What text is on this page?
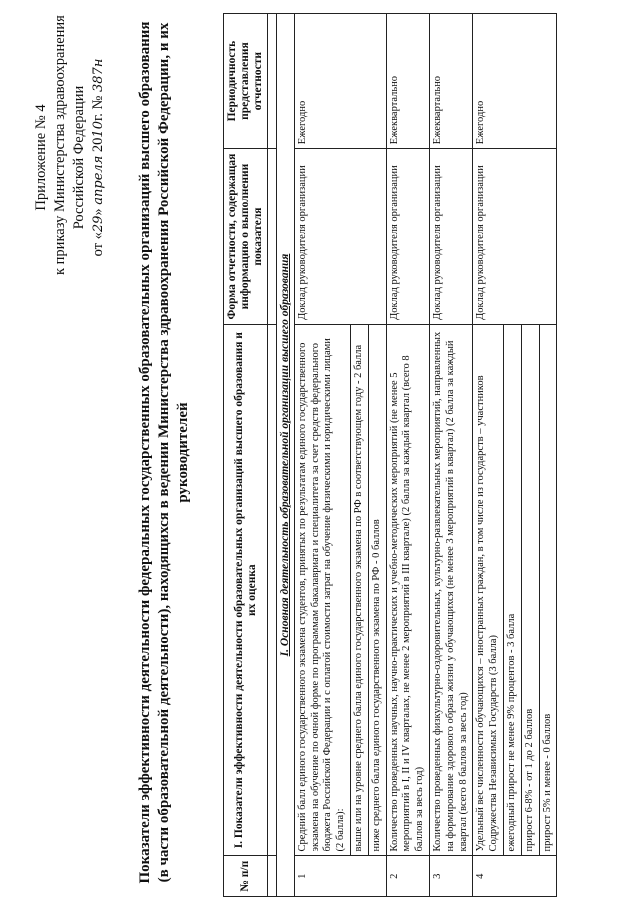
Приложение № 4 к приказу Министерства здравоохранения Российской Федерации
от «29» апреля 2010г. № 387н Показатели эффективности деятельности федеральных государственных образовательных организаций высшего образования (в части образовательной деятельности), находящихся в ведении Министерства здравоохранения Российской Федерации, и их руководителей
№ п/п	I. Показатели эффективности деятельности образовательных организаций высшего образования и их оценка	Форма отчетности, содержащая информацию о выполнении показателя	Периодичность представления отчетности

I. Основная деятельность образовательной организации высшего образования			
1	Средний балл единого государственного экзамена студентов, принятых по результатам единого государственного экзамена на обучение по очной форме по программам бакалавриата и специалитета за счет средств федерального бюджета Российской Федерации и с оплатой стоимости затрат на обучение физическими и юридическими лицами (2 балла):	Доклад руководителя организации	Ежегодно
	выше или на уровне среднего балла единого государственного экзамена по РФ в соответствующем году - 2 балла		
	ниже среднего балла единого государственного экзамена по РФ - 0 баллов		
2	Количество проведенных научных, научно-практических и учебно-методических мероприятий (не менее 5 мероприятий в I, II и IV кварталах, не менее 2 мероприятий в III квартале) (2 балла за каждый квартал (всего 8 баллов за весь год)	Доклад руководителя организации	Ежеквартально
3	Количество проведенных физкультурно-оздоровительных, культурно-развлекательных мероприятий, направленных на формирование здорового образа жизни у обучающихся (не менее 3 мероприятий в квартал) (2 балла за каждый квартал (всего 8 баллов за весь год)	Доклад руководителя организации	Ежеквартально
4	Удельный вес численности обучающихся – иностранных граждан, в том числе из государств – участников Содружества Независимых Государств (3 балла)	Доклад руководителя организации	Ежегодно
	ежегодный прирост не менее 9% процентов - 3 балла		
	прирост 6-8% - от 1 до 2 баллов		
	прирост 5% и менее - 0 баллов		
